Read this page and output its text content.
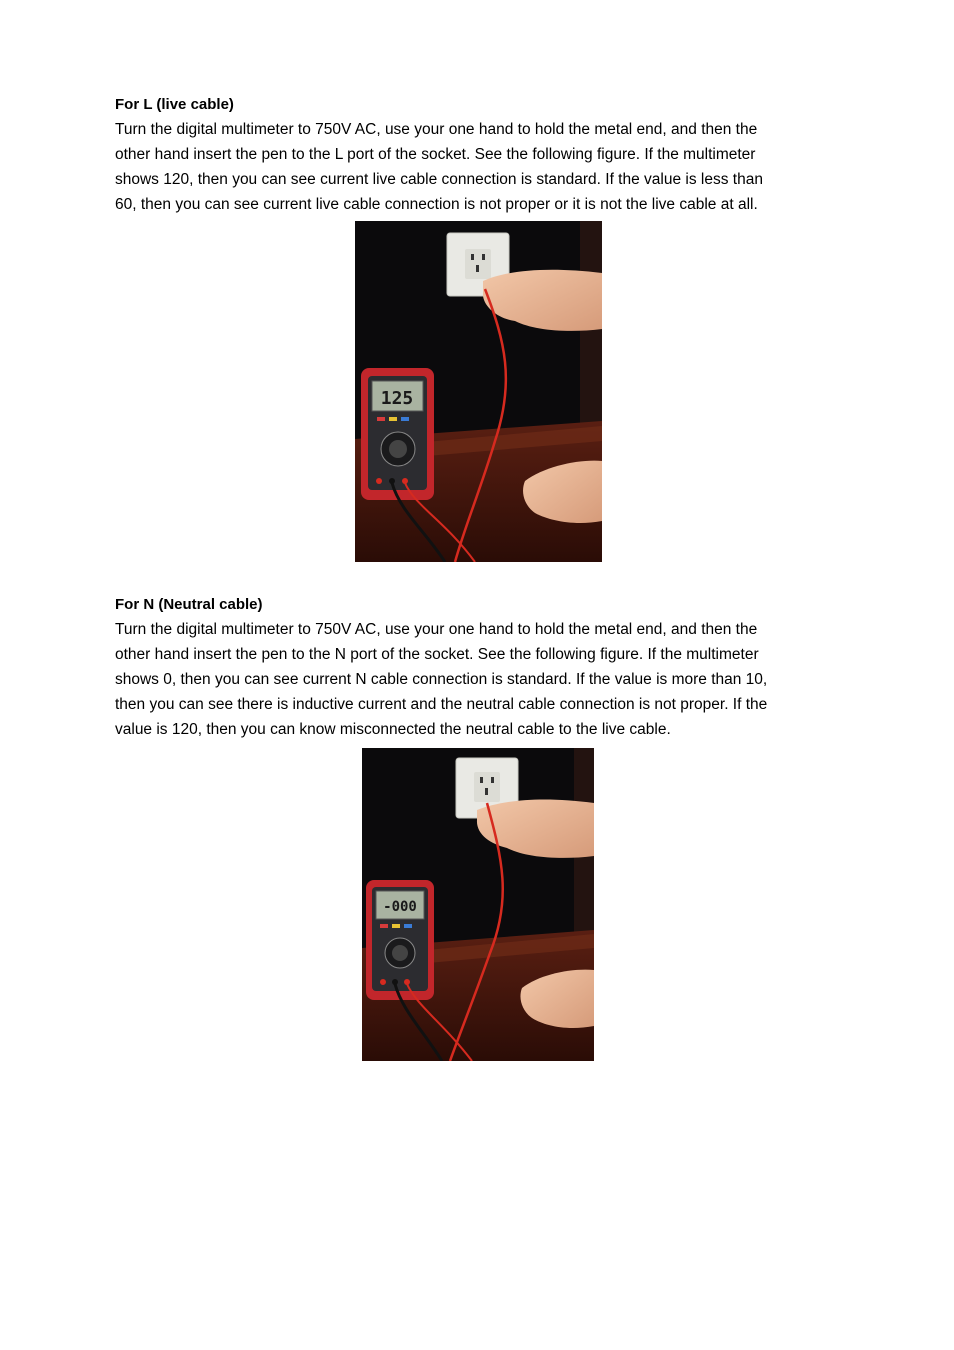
For L (live cable)

Turn the digital multimeter to 750V AC, use your one hand to hold the metal end, and then the

other hand insert the pen to the L port of the socket. See the following figure. If the multimeter

shows 120, then you can see current live cable connection is standard. If the value is less than

60, then you can see current live cable connection is not proper or it is not the live cable at all.

125

For N (Neutral cable)

Turn the digital multimeter to 750V AC, use your one hand to hold the metal end, and then the

other hand insert the pen to the N port of the socket. See the following figure. If the multimeter

shows 0, then you can see current N cable connection is standard. If the value is more than 10,

then you can see there is inductive current and the neutral cable connection is not proper. If the

value is 120, then you can know misconnected the neutral cable to the live cable.

-000
